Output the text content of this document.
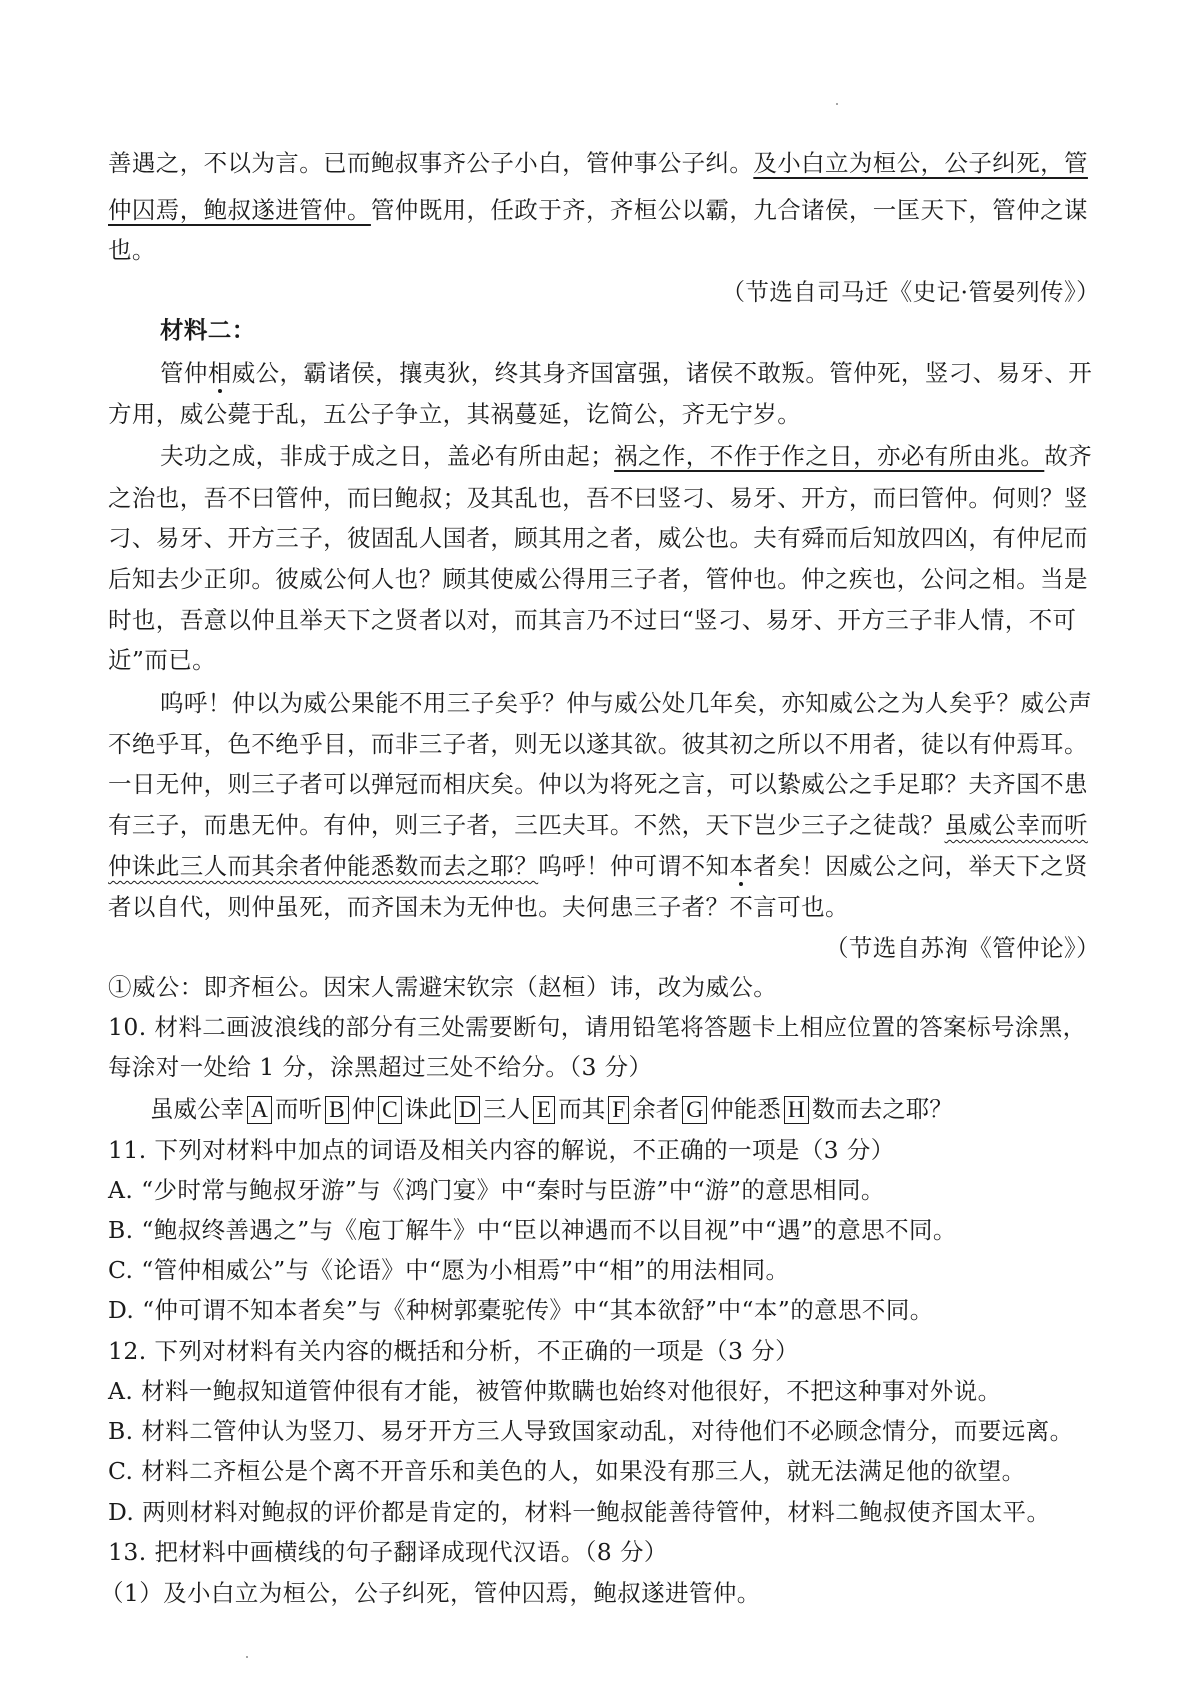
善遇之，不以为言。已而鲍叔事齐公子小白，管仲事公子纠。及小白立为桓公，公子纠死，管
仲囚焉，鲍叔遂进管仲。管仲既用，任政于齐，齐桓公以霸，九合诸侯，一匡天下，管仲之谋
也。
（节选自司马迁《史记·管晏列传》）
材料二：
管仲相威公，霸诸侯，攘夷狄，终其身齐国富强，诸侯不敢叛。管仲死，竖刁、易牙、开
方用，威公薨于乱，五公子争立，其祸蔓延，讫简公，齐无宁岁。
夫功之成，非成于成之日，盖必有所由起；祸之作，不作于作之日，亦必有所由兆。故齐
之治也，吾不曰管仲，而曰鲍叔；及其乱也，吾不曰竖刁、易牙、开方，而曰管仲。何则？竖
刁、易牙、开方三子，彼固乱人国者，顾其用之者，威公也。夫有舜而后知放四凶，有仲尼而
后知去少正卯。彼威公何人也？顾其使威公得用三子者，管仲也。仲之疾也，公问之相。当是
时也，吾意以仲且举天下之贤者以对，而其言乃不过曰“竖刁、易牙、开方三子非人情，不可
近”而已。
呜呼！仲以为威公果能不用三子矣乎？仲与威公处几年矣，亦知威公之为人矣乎？威公声
不绝乎耳，色不绝乎目，而非三子者，则无以遂其欲。彼其初之所以不用者，徒以有仲焉耳。
一日无仲，则三子者可以弹冠而相庆矣。仲以为将死之言，可以絷威公之手足耶？夫齐国不患
有三子，而患无仲。有仲，则三子者，三匹夫耳。不然，天下岂少三子之徒哉？虽威公幸而听
仲诛此三人而其余者仲能悉数而去之耶？呜呼！仲可谓不知本者矣！因威公之问，举天下之贤
者以自代，则仲虽死，而齐国未为无仲也。夫何患三子者？不言可也。
（节选自苏洵《管仲论》）
①威公：即齐桓公。因宋人需避宋钦宗（赵桓）讳，改为威公。
10. 材料二画波浪线的部分有三处需要断句，请用铅笔将答题卡上相应位置的答案标号涂黑，
每涂对一处给 1 分，涂黑超过三处不给分。（3 分）
虽威公幸 A 而听 B 仲 C 诛此 D 三人 E 而其 F 余者 G 仲能悉 H 数而去之耶？
11. 下列对材料中加点的词语及相关内容的解说，不正确的一项是（3 分）
A. “少时常与鲍叔牙游”与《鸿门宴》中“秦时与臣游”中“游”的意思相同。
B. “鲍叔终善遇之”与《庖丁解牛》中“臣以神遇而不以目视”中“遇”的意思不同。
C. “管仲相威公”与《论语》中“愿为小相焉”中“相”的用法相同。
D. “仲可谓不知本者矣”与《种树郭橐驼传》中“其本欲舒”中“本”的意思不同。
12. 下列对材料有关内容的概括和分析，不正确的一项是（3 分）
A. 材料一鲍叔知道管仲很有才能，被管仲欺瞒也始终对他很好，不把这种事对外说。
B. 材料二管仲认为竖刀、易牙开方三人导致国家动乱，对待他们不必顾念情分，而要远离。
C. 材料二齐桓公是个离不开音乐和美色的人，如果没有那三人，就无法满足他的欲望。
D. 两则材料对鲍叔的评价都是肯定的，材料一鲍叔能善待管仲，材料二鲍叔使齐国太平。
13. 把材料中画横线的句子翻译成现代汉语。（8 分）
（1）及小白立为桓公，公子纠死，管仲囚焉，鲍叔遂进管仲。
